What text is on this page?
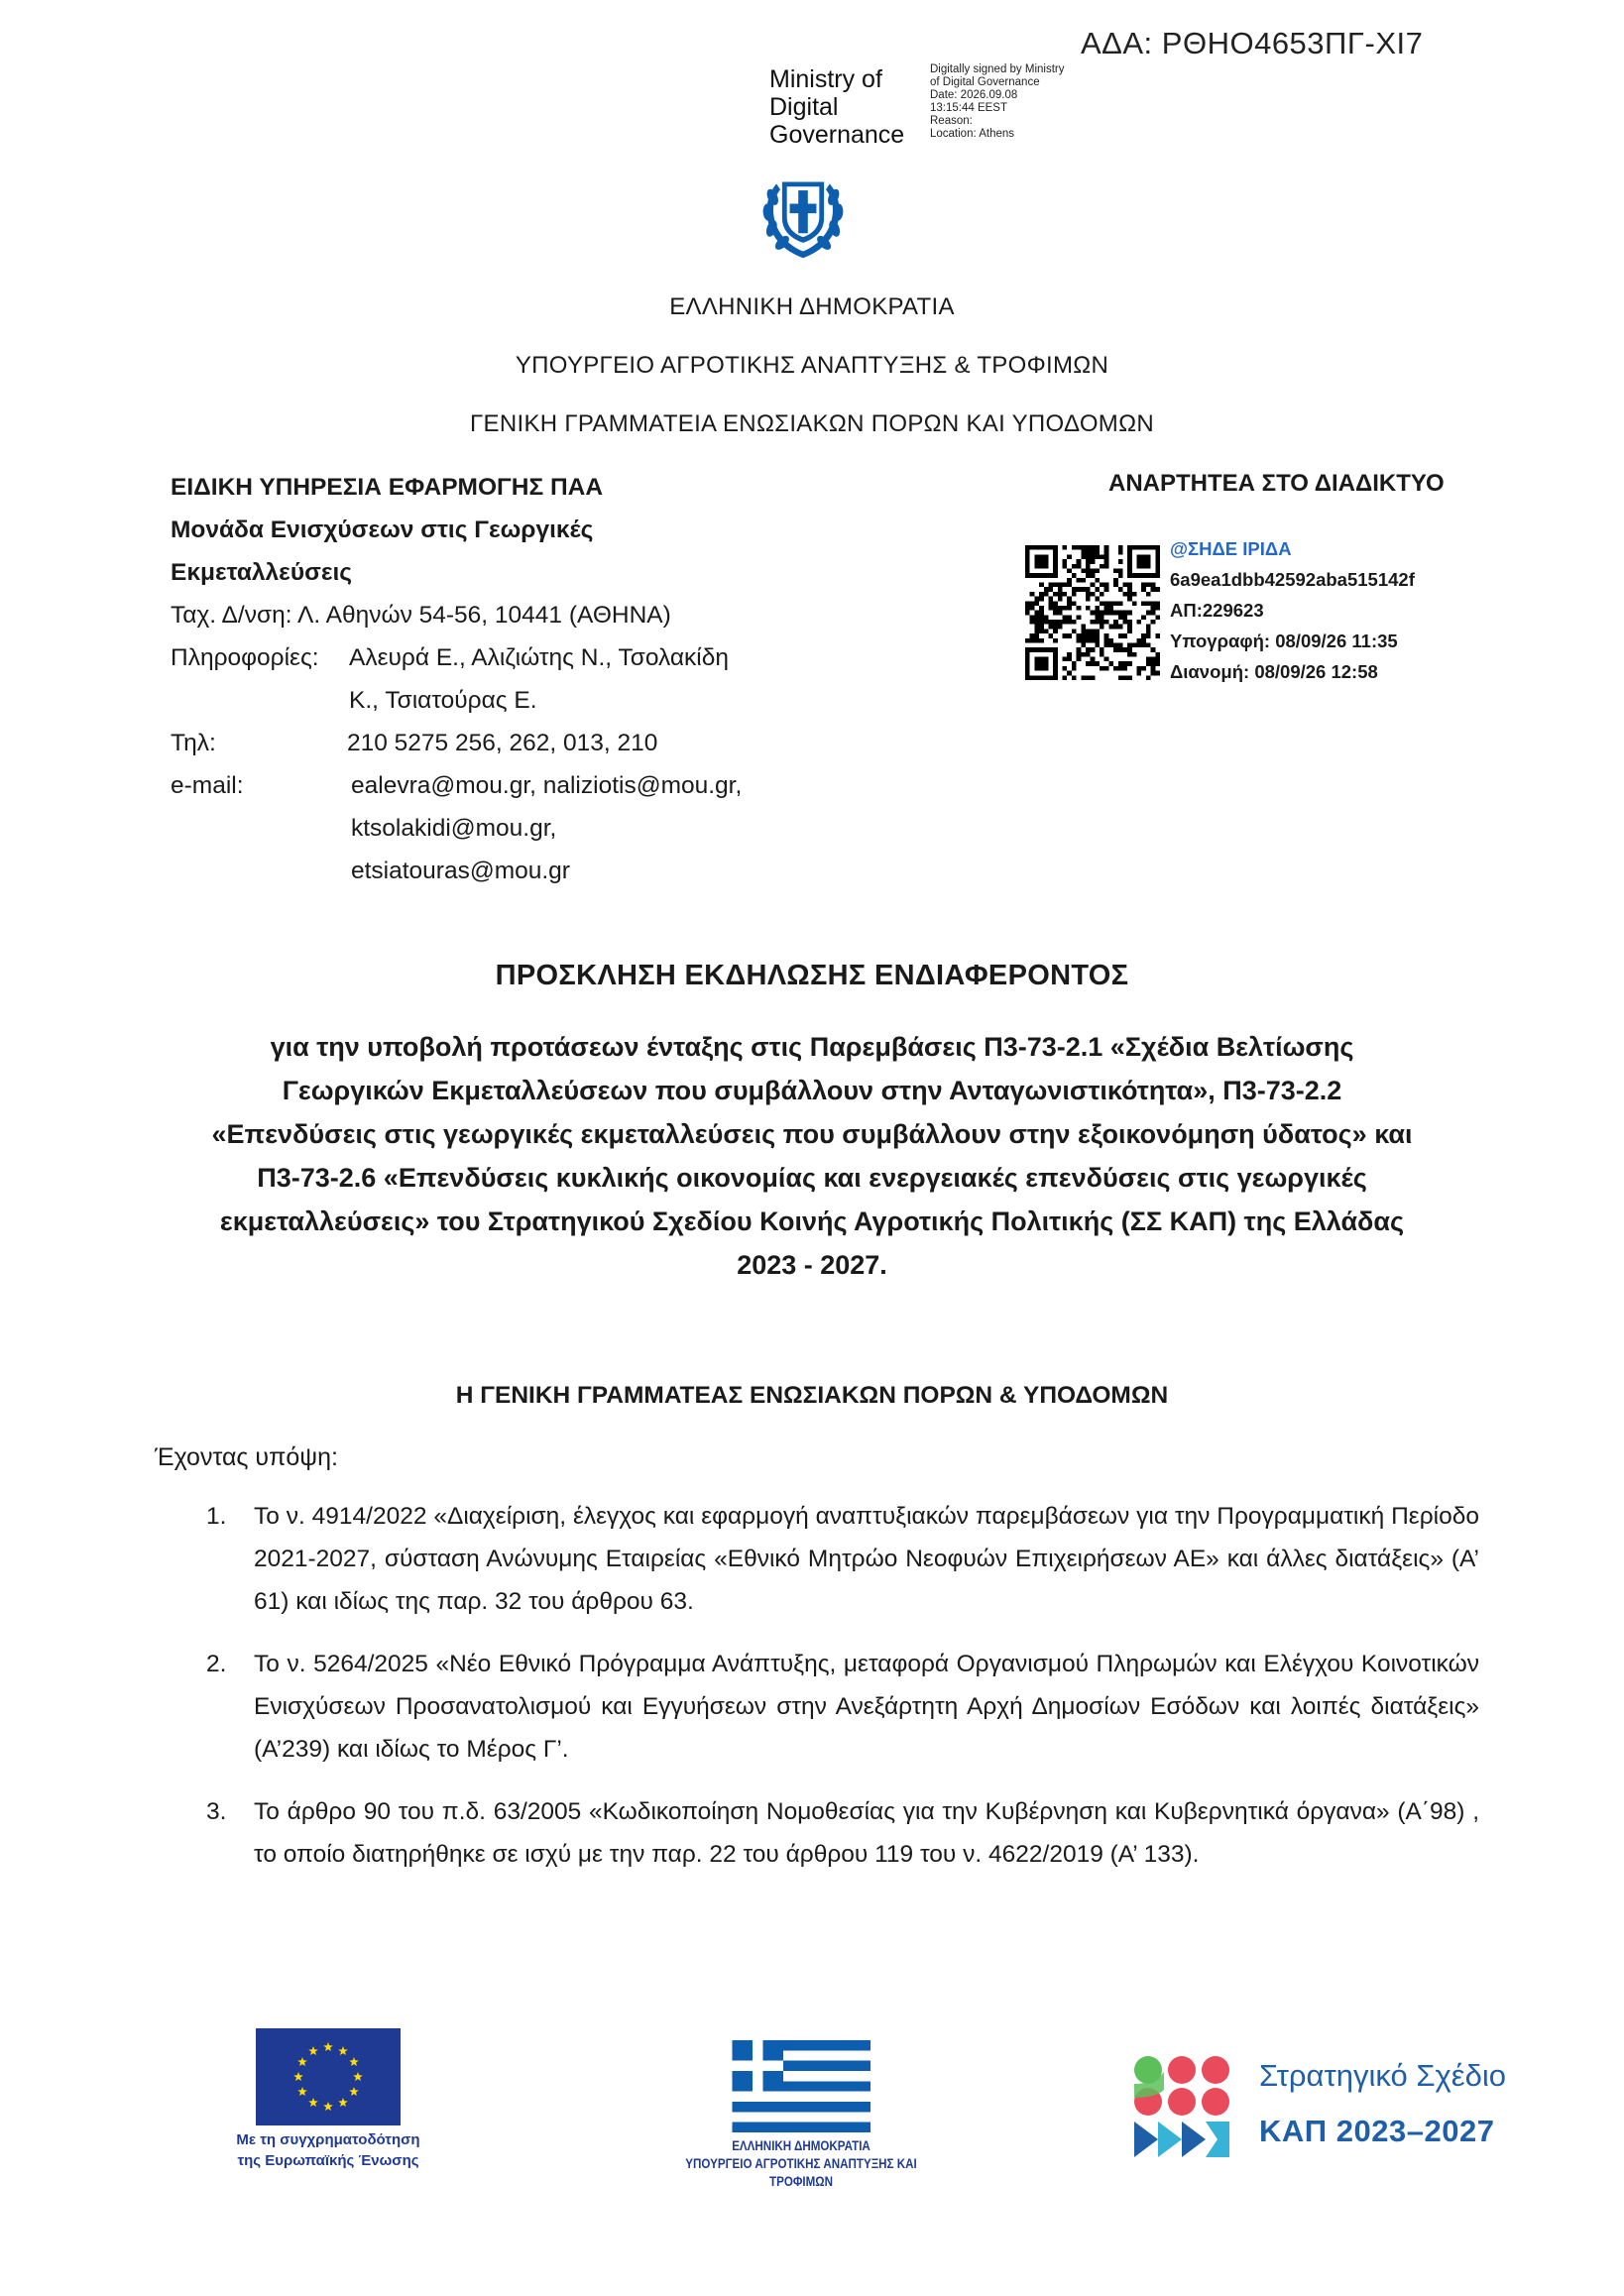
ΑΔΑ: ΡΘΗΟ4653ΠΓ-ΧΙ7
Ministry of
Digital
Governance
Digitally signed by Ministry
of Digital Governance
Date: 2026.09.08
13:15:44 EEST
Reason:
Location: Athens
ΕΛΛΗΝΙΚΗ ΔΗΜΟΚΡΑΤΙΑ
ΥΠΟΥΡΓΕΙΟ ΑΓΡΟΤΙΚΗΣ ΑΝΑΠΤΥΞΗΣ & ΤΡΟΦΙΜΩΝ
ΓΕΝΙΚΗ ΓΡΑΜΜΑΤΕΙΑ ΕΝΩΣΙΑΚΩΝ ΠΟΡΩΝ ΚΑΙ ΥΠΟΔΟΜΩΝ
ΕΙΔΙΚΗ ΥΠΗΡΕΣΙΑ ΕΦΑΡΜΟΓΗΣ ΠΑΑ
Μονάδα Ενισχύσεων στις Γεωργικές
Εκμεταλλεύσεις
Ταχ. Δ/νση: Λ. Αθηνών 54-56, 10441 (ΑΘΗΝΑ)
Πληροφορίες:	Αλευρά Ε., Αλιζιώτης Ν., Τσολακίδη
Κ., Τσιατούρας Ε.
Τηλ:	210 5275 256, 262, 013, 210
e-mail:	ealevra@mou.gr, naliziotis@mou.gr,
ktsolakidi@mou.gr,
etsiatouras@mou.gr
ΑΝΑΡΤΗΤΕΑ ΣΤΟ ΔΙΑΔΙΚΤΥΟ
@ΣΗΔΕ ΙΡΙΔΑ
6a9ea1dbb42592aba515142f
ΑΠ:229623
Υπογραφή: 08/09/26 11:35
Διανομή: 08/09/26 12:58
ΠΡΟΣΚΛΗΣΗ ΕΚΔΗΛΩΣΗΣ ΕΝΔΙΑΦΕΡΟΝΤΟΣ
για την υποβολή προτάσεων ένταξης στις Παρεμβάσεις Π3-73-2.1 «Σχέδια Βελτίωσης
Γεωργικών Εκμεταλλεύσεων που συμβάλλουν στην Ανταγωνιστικότητα», Π3-73-2.2
«Επενδύσεις στις γεωργικές εκμεταλλεύσεις που συμβάλλουν στην εξοικονόμηση ύδατος» και
Π3-73-2.6 «Επενδύσεις κυκλικής οικονομίας και ενεργειακές επενδύσεις στις γεωργικές
εκμεταλλεύσεις» του Στρατηγικού Σχεδίου Κοινής Αγροτικής Πολιτικής (ΣΣ ΚΑΠ) της Ελλάδας
2023 - 2027.
Η ΓΕΝΙΚΗ ΓΡΑΜΜΑΤΕΑΣ ΕΝΩΣΙΑΚΩΝ ΠΟΡΩΝ & ΥΠΟΔΟΜΩΝ
Έχοντας υπόψη:
1.	Το ν. 4914/2022 «Διαχείριση, έλεγχος και εφαρμογή αναπτυξιακών παρεμβάσεων για την Προγραμματική Περίοδο 2021-2027, σύσταση Ανώνυμης Εταιρείας «Εθνικό Μητρώο Νεοφυών Επιχειρήσεων ΑΕ» και άλλες διατάξεις» (Α’ 61) και ιδίως της παρ. 32 του άρθρου 63.
2.	Το ν. 5264/2025 «Νέο Εθνικό Πρόγραμμα Ανάπτυξης, μεταφορά Οργανισμού Πληρωμών και Ελέγχου Κοινοτικών Ενισχύσεων Προσανατολισμού και Εγγυήσεων στην Ανεξάρτητη Αρχή Δημοσίων Εσόδων και λοιπές διατάξεις» (Α’239) και ιδίως το Μέρος Γ’.
3.	Το άρθρο 90 του π.δ. 63/2005 «Κωδικοποίηση Νομοθεσίας για την Κυβέρνηση και Κυβερνητικά όργανα» (Α΄98) , το οποίο διατηρήθηκε σε ισχύ με την παρ. 22 του άρθρου 119 του ν. 4622/2019 (Α’ 133).
Με τη συγχρηματοδότηση
της Ευρωπαϊκής Ένωσης
ΕΛΛΗΝΙΚΗ ΔΗΜΟΚΡΑΤΙΑ
ΥΠΟΥΡΓΕΙΟ ΑΓΡΟΤΙΚΗΣ ΑΝΑΠΤΥΞΗΣ ΚΑΙ ΤΡΟΦΙΜΩΝ
Στρατηγικό Σχέδιο
ΚΑΠ 2023–2027
